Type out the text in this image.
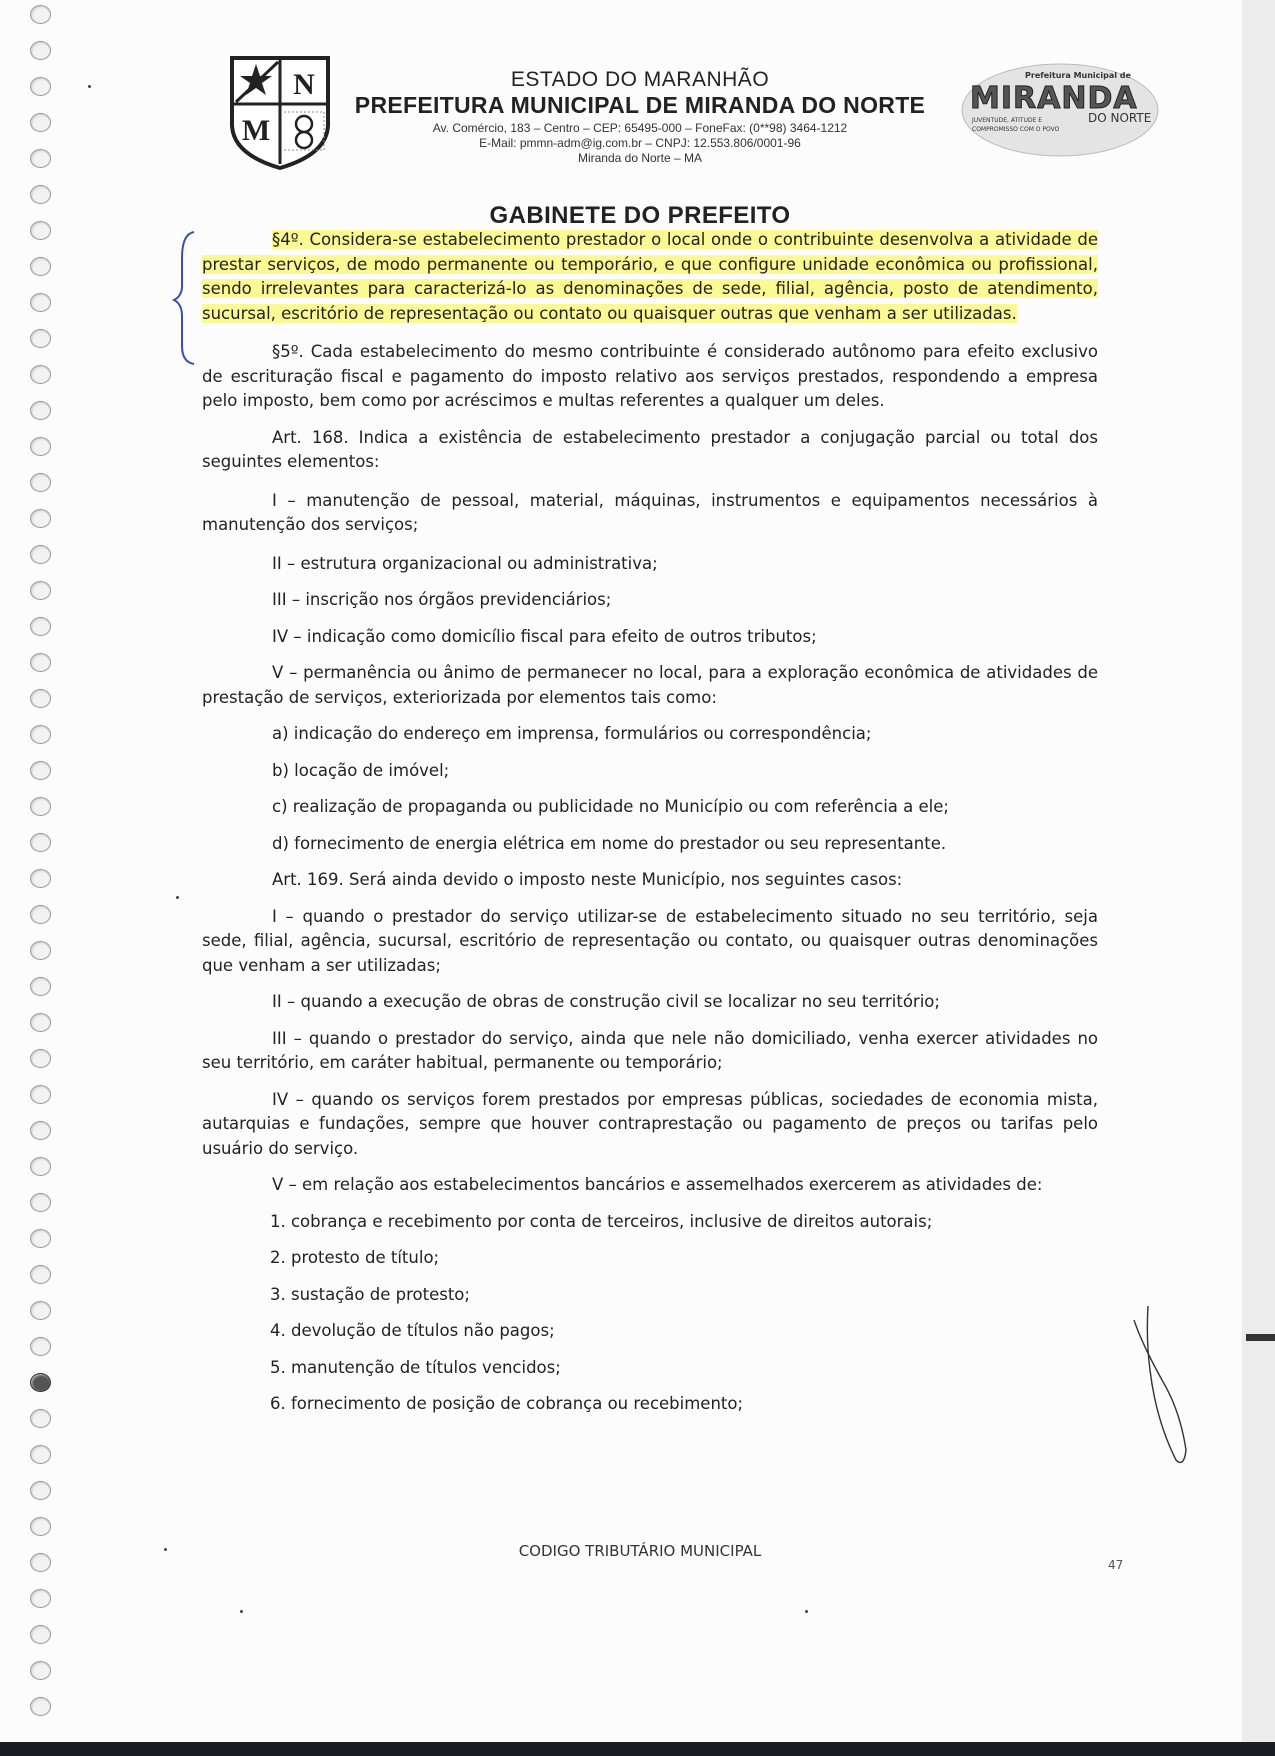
N
M
Prefeitura Municipal de
MIRANDA
DO NORTE
JUVENTUDE, ATITUDE E
COMPROMISSO COM O POVO
ESTADO DO MARANHÃO
PREFEITURA MUNICIPAL DE MIRANDA DO NORTE
Av. Comércio, 183 – Centro – CEP: 65495-000 – FoneFax: (0**98) 3464-1212
E-Mail: pmmn-adm@ig.com.br – CNPJ: 12.553.806/0001-96
Miranda do Norte – MA
GABINETE DO PREFEITO

§4º. Considera-se estabelecimento prestador o local onde o contribuinte desenvolva a atividade de prestar serviços, de modo permanente ou temporário, e que configure unidade econômica ou profissional, sendo irrelevantes para caracterizá-lo as denominações de sede, filial, agência, posto de atendimento, sucursal, escritório de representação ou contato ou quaisquer outras que venham a ser utilizadas.

§5º. Cada estabelecimento do mesmo contribuinte é considerado autônomo para efeito exclusivo de escrituração fiscal e pagamento do imposto relativo aos serviços prestados, respondendo a empresa pelo imposto, bem como por acréscimos e multas referentes a qualquer um deles.

Art. 168. Indica a existência de estabelecimento prestador a conjugação parcial ou total dos seguintes elementos:

I – manutenção de pessoal, material, máquinas, instrumentos e equipamentos necessários à manutenção dos serviços;

II – estrutura organizacional ou administrativa;

III – inscrição nos órgãos previdenciários;

IV – indicação como domicílio fiscal para efeito de outros tributos;

V – permanência ou ânimo de permanecer no local, para a exploração econômica de atividades de prestação de serviços, exteriorizada por elementos tais como:

a) indicação do endereço em imprensa, formulários ou correspondência;

b) locação de imóvel;

c) realização de propaganda ou publicidade no Município ou com referência a ele;

d) fornecimento de energia elétrica em nome do prestador ou seu representante.

Art. 169. Será ainda devido o imposto neste Município, nos seguintes casos:

I – quando o prestador do serviço utilizar-se de estabelecimento situado no seu território, seja sede, filial, agência, sucursal, escritório de representação ou contato, ou quaisquer outras denominações que venham a ser utilizadas;

II – quando a execução de obras de construção civil se localizar no seu território;

III – quando o prestador do serviço, ainda que nele não domiciliado, venha exercer atividades no seu território, em caráter habitual, permanente ou temporário;

IV – quando os serviços forem prestados por empresas públicas, sociedades de economia mista, autarquias e fundações, sempre que houver contraprestação ou pagamento de preços ou tarifas pelo usuário do serviço.

V – em relação aos estabelecimentos bancários e assemelhados exercerem as atividades de:

1. cobrança e recebimento por conta de terceiros, inclusive de direitos autorais;

2. protesto de título;

3. sustação de protesto;

4. devolução de títulos não pagos;

5. manutenção de títulos vencidos;

6. fornecimento de posição de cobrança ou recebimento;

CODIGO TRIBUTÁRIO MUNICIPAL
47
